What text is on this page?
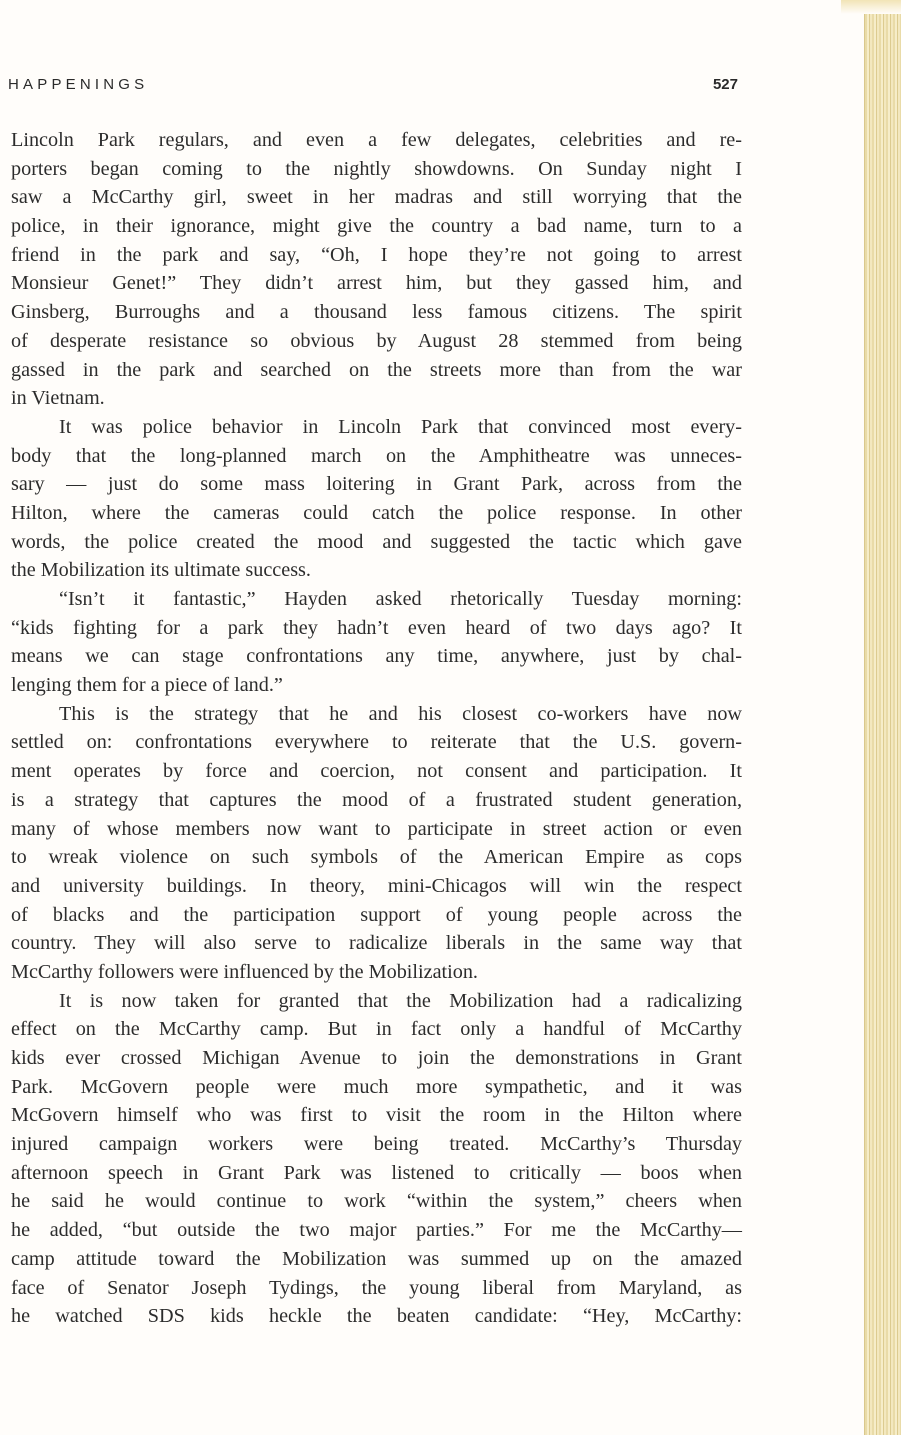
HAPPENINGS	527
Lincoln Park regulars, and even a few delegates, celebrities and re-
porters began coming to the nightly showdowns. On Sunday night I
saw a McCarthy girl, sweet in her madras and still worrying that the
police, in their ignorance, might give the country a bad name, turn to a
friend in the park and say, “Oh, I hope they’re not going to arrest
Monsieur Genet!” They didn’t arrest him, but they gassed him, and
Ginsberg, Burroughs and a thousand less famous citizens. The spirit
of desperate resistance so obvious by August 28 stemmed from being
gassed in the park and searched on the streets more than from the war
in Vietnam.
It was police behavior in Lincoln Park that convinced most every-
body that the long-planned march on the Amphitheatre was unneces-
sary — just do some mass loitering in Grant Park, across from the
Hilton, where the cameras could catch the police response. In other
words, the police created the mood and suggested the tactic which gave
the Mobilization its ultimate success.
“Isn’t it fantastic,” Hayden asked rhetorically Tuesday morning:
“kids fighting for a park they hadn’t even heard of two days ago? It
means we can stage confrontations any time, anywhere, just by chal-
lenging them for a piece of land.”
This is the strategy that he and his closest co-workers have now
settled on: confrontations everywhere to reiterate that the U.S. govern-
ment operates by force and coercion, not consent and participation. It
is a strategy that captures the mood of a frustrated student generation,
many of whose members now want to participate in street action or even
to wreak violence on such symbols of the American Empire as cops
and university buildings. In theory, mini-Chicagos will win the respect
of blacks and the participation support of young people across the
country. They will also serve to radicalize liberals in the same way that
McCarthy followers were influenced by the Mobilization.
It is now taken for granted that the Mobilization had a radicalizing
effect on the McCarthy camp. But in fact only a handful of McCarthy
kids ever crossed Michigan Avenue to join the demonstrations in Grant
Park. McGovern people were much more sympathetic, and it was
McGovern himself who was first to visit the room in the Hilton where
injured campaign workers were being treated. McCarthy’s Thursday
afternoon speech in Grant Park was listened to critically — boos when
he said he would continue to work “within the system,” cheers when
he added, “but outside the two major parties.” For me the McCarthy—
camp attitude toward the Mobilization was summed up on the amazed
face of Senator Joseph Tydings, the young liberal from Maryland, as
he watched SDS kids heckle the beaten candidate: “Hey, McCarthy:
